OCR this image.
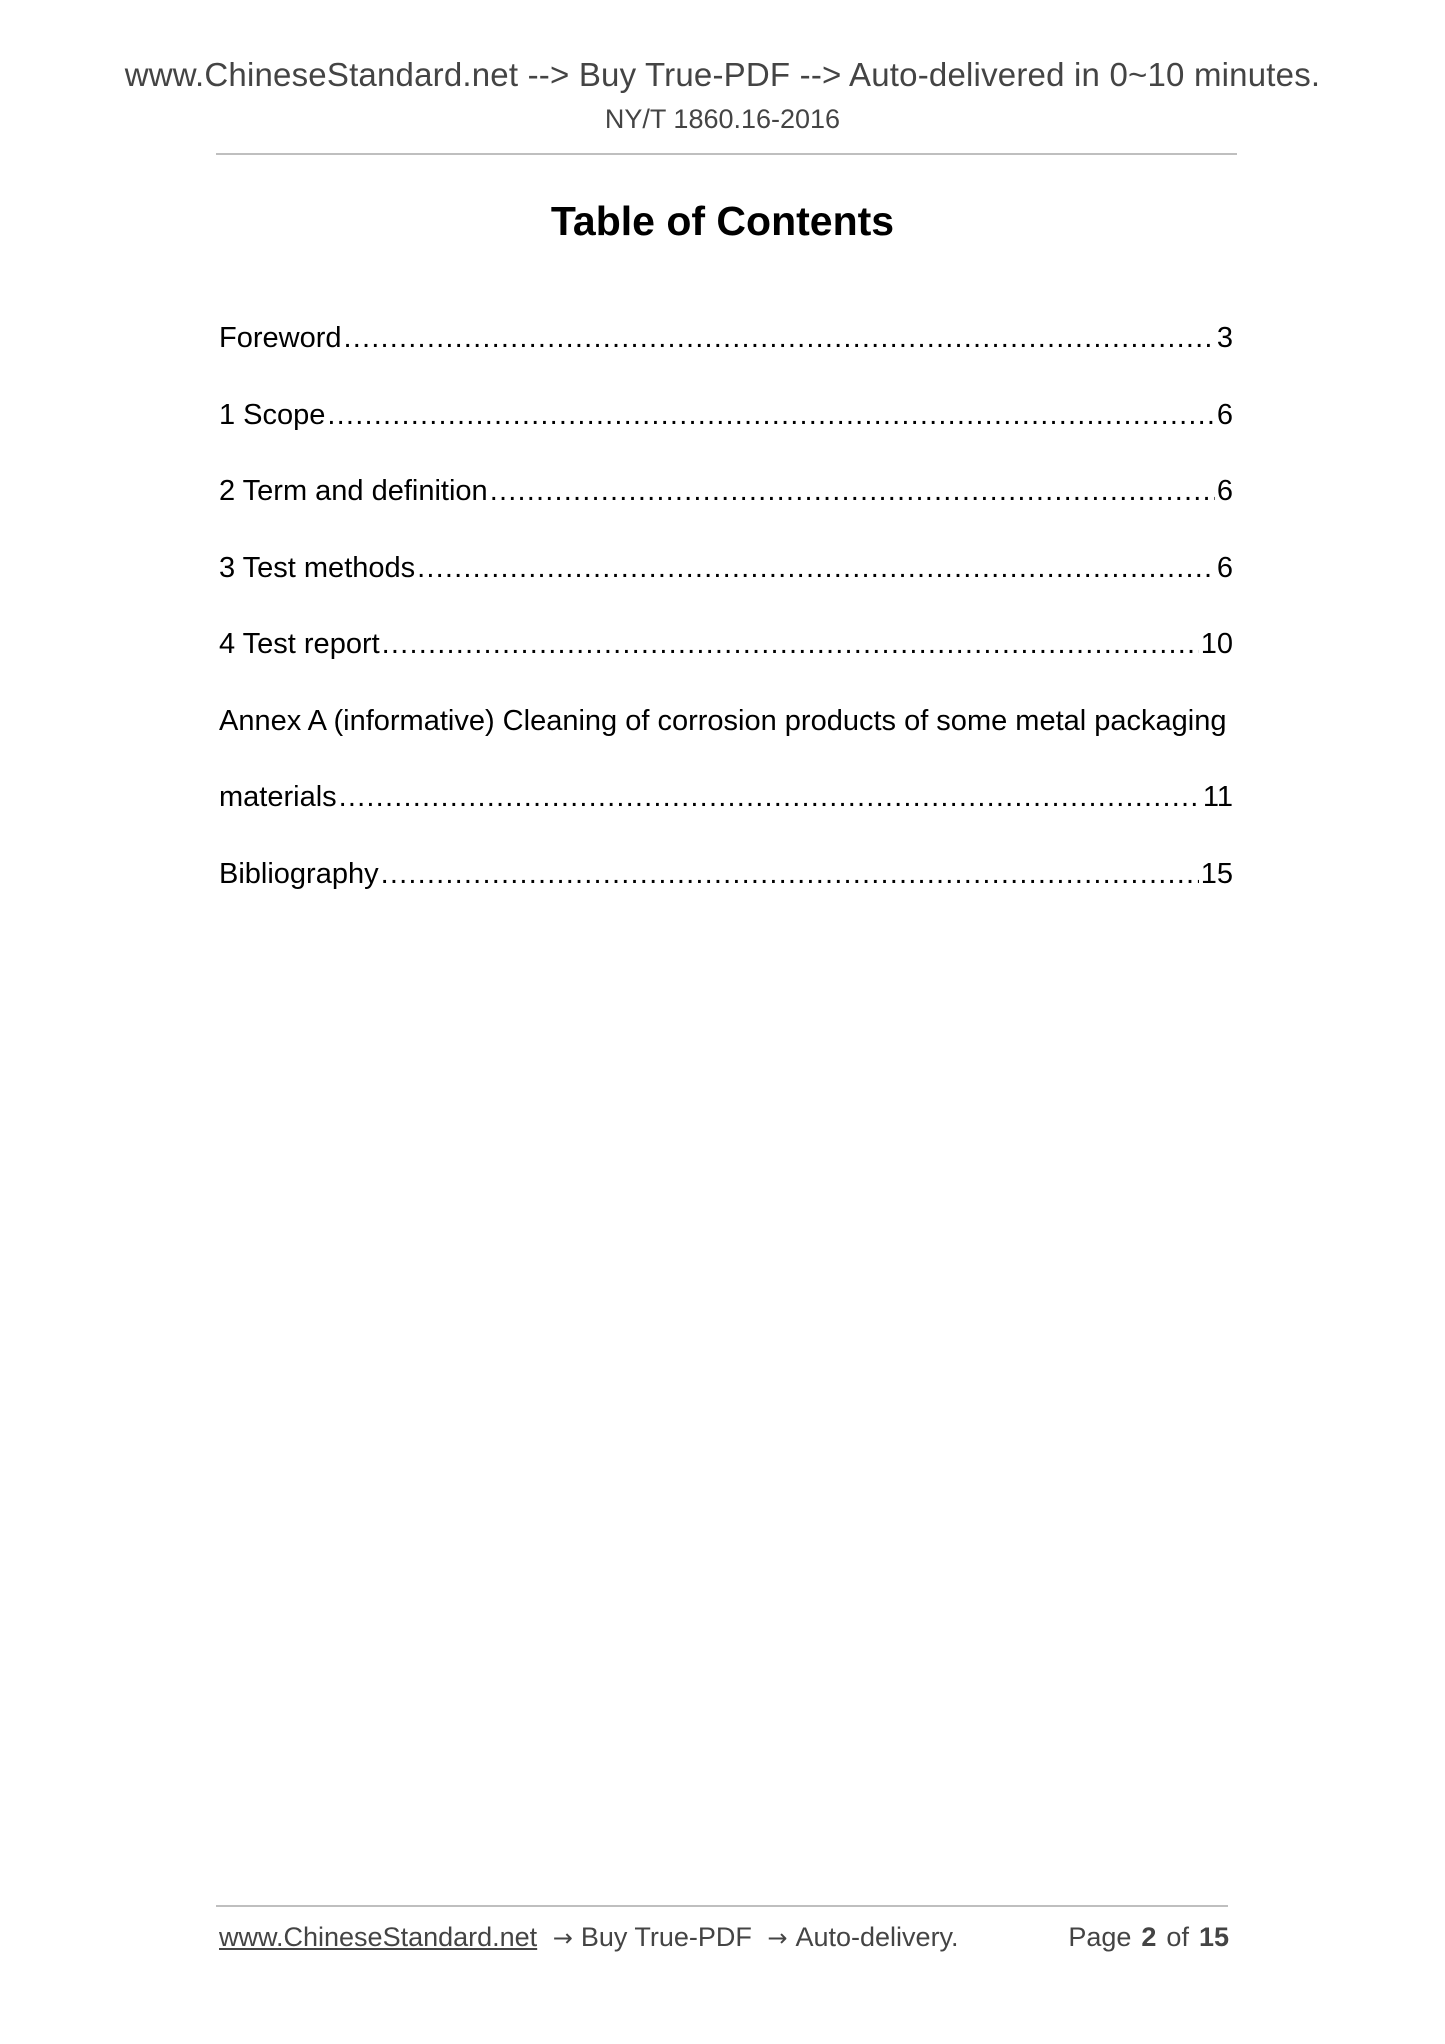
www.ChineseStandard.net --> Buy True-PDF --> Auto-delivered in 0~10 minutes.
NY/T 1860.16-2016
Table of Contents
Foreword .....	3
1 Scope .....	6
2 Term and definition .....	6
3 Test methods .....	6
4 Test report .....	10
Annex A (informative) Cleaning of corrosion products of some metal packaging
materials .....	11
Bibliography .....	15
www.ChineseStandard.net → Buy True-PDF → Auto-delivery.	Page 2 of 15
